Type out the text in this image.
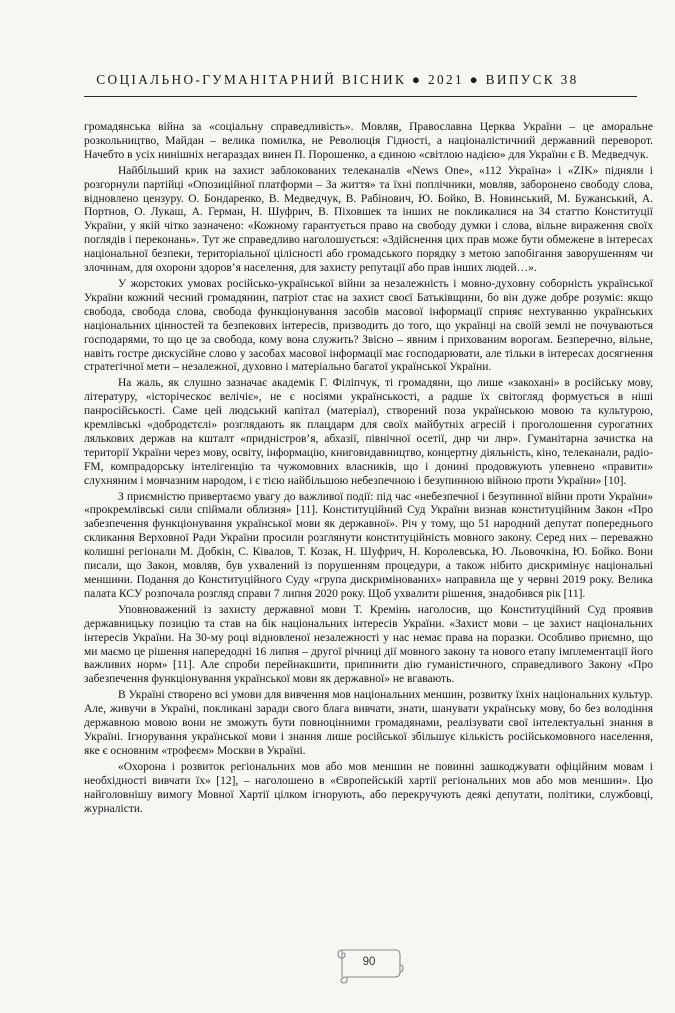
СОЦІАЛЬНО-ГУМАНІТАРНИЙ ВІСНИК ● 2021 ● ВИПУСК 38

громадянська війна за «соціальну справедливість». Мовляв, Православна Церква України – це аморальне розкольництво, Майдан – велика помилка, не Революція Гідності, а націоналістичний державний переворот. Начебто в усіх нинішніх негараздах винен П. Порошенко, а єдиною «світлою надією» для України є В. Медведчук.

Найбільший крик на захист заблокованих телеканалів «News One», «112 Україна» і «ZIK» підняли і розгорнули партійці «Опозиційної платформи – За життя» та їхні поплічники, мовляв, заборонено свободу слова, відновлено цензуру. О. Бондаренко, В. Медведчук, В. Рабінович, Ю. Бойко, В. Новинський, М. Бужанський, А. Портнов, О. Лукаш, А. Герман, Н. Шуфрич, В. Піховшек та інших не покликалися на 34 статтю Конституції України, у якій чітко зазначено: «Кожному гарантується право на свободу думки і слова, вільне вираження своїх поглядів і переконань». Тут же справедливо наголошується: «Здійснення цих прав може бути обмежене в інтересах національної безпеки, територіальної цілісності або громадського порядку з метою запобігання заворушенням чи злочинам, для охорони здоров’я населення, для захисту репутації або прав інших людей…».

У жорстоких умовах російсько-української війни за незалежність і мовно-духовну соборність української України кожний чесний громадянин, патріот стає на захист своєї Батьківщини, бо він дуже добре розуміє: якщо свобода, свобода слова, свобода функціонування засобів масової інформації сприяє нехтуванню українських національних цінностей та безпекових інтересів, призводить до того, що українці на своїй землі не почуваються господарями, то що це за свобода, кому вона служить? Звісно – явним і прихованим ворогам. Безперечно, вільне, навіть гостре дискусійне слово у засобах масової інформації має господарювати, але тільки в інтересах досягнення стратегічної мети – незалежної, духовно і матеріально багатої української України.

На жаль, як слушно зазначає академік Г. Філіпчук, ті громадяни, що лише «закохані» в російську мову, літературу, «історіческоє велічіє», не є носіями українськості, а радше їх світогляд формується в ніші панросійськості. Саме цей людський капітал (матеріал), створений поза українською мовою та культурою, кремлівські «добродєтєлі» розглядають як плацдарм для своїх майбутніх агресій і проголошення сурогатних ляльковиx держав на кшталт «придністров’я, абхазії, північної осетії, днр чи лнр». Гуманітарна зачистка на території України через мову, освіту, інформацію, книговидавництво, концертну діяльність, кіно, телеканали, радіо-FM, компрадорську інтелігенцію та чужомовних власників, що і донині продовжують упевнено «правити» слухняним і мовчазним народом, і є тією найбільшою небезпечною і безупинною війною проти України» [10].

З приємністю привертаємо увагу до важливої події: під час «небезпечної і безупинної війни проти України» «прокремлівські сили спіймали облизня» [11]. Конституційний Суд України визнав конституційним Закон «Про забезпечення функціонування української мови як державної». Річ у тому, що 51 народний депутат попереднього скликання Верховної Ради України просили розглянути конституційність мовного закону. Серед них – переважно колишні регіонали М. Добкін, С. Ківалов, Т. Козак, Н. Шуфрич, Н. Королевська, Ю. Льовочкіна, Ю. Бойко. Вони писали, що Закон, мовляв, був ухвалений із порушенням процедури, а також нібито дискримінує національні меншини. Подання до Конституційного Суду «група дискримінованих» направила ще у червні 2019 року. Велика палата КСУ розпочала розгляд справи 7 липня 2020 року. Щоб ухвалити рішення, знадобився рік [11].

Уповноважений із захисту державної мови Т. Кремінь наголосив, що Конституційний Суд проявив державницьку позицію та став на бік національних інтересів України. «Захист мови – це захист національних інтересів України. На 30-му році відновленої незалежності у нас немає права на поразки. Особливо приємно, що ми маємо це рішення напередодні 16 липня – другої річниці дії мовного закону та нового етапу імплементації його важливих норм» [11]. Але спроби перейнакшити, припинити дію гуманістичного, справедливого Закону «Про забезпечення функціонування української мови як державної» не вгавають.

В Україні створено всі умови для вивчення мов національних меншин, розвитку їхніх національних культур. Але, живучи в Україні, покликані заради свого блага вивчати, знати, шанувати українську мову, бо без володіння державною мовою вони не зможуть бути повноцінними громадянами, реалізувати свої інтелектуальні знання в Україні. Ігнорування української мови і знання лише російської збільшує кількість російськомовного населення, яке є основним «трофеєм» Москви в Україні.

«Охорона і розвиток регіональних мов або мов меншин не повинні зашкоджувати офіційним мовам і необхідності вивчати їх» [12], – наголошено в «Європейській хартії регіональних мов або мов меншин». Цю найголовнішу вимогу Мовної Хартії цілком ігнорують, або перекручують деякі депутати, політики, службовці, журналісти.

90
